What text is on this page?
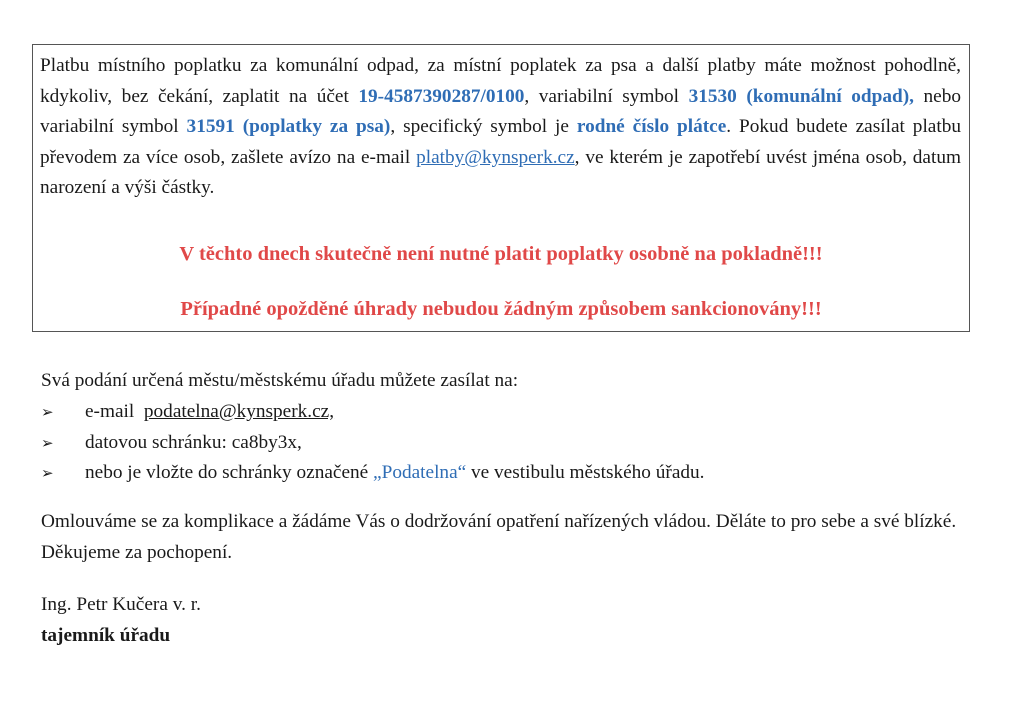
Platbu místního poplatku za komunální odpad, za místní poplatek za psa a další platby máte možnost pohodlně, kdykoliv, bez čekání, zaplatit na účet 19-4587390287/0100, variabilní symbol 31530 (komunální odpad), nebo variabilní symbol 31591 (poplatky za psa), specifický symbol je rodné číslo plátce. Pokud budete zasílat platbu převodem za více osob, zašlete avízo na e-mail platby@kynsperk.cz, ve kterém je zapotřebí uvést jména osob, datum narození a výši částky.

V těchto dnech skutečně není nutné platit poplatky osobně na pokladně!!!

Případné opožděné úhrady nebudou žádným způsobem sankcionovány!!!

Svá podání určená městu/městskému úřadu můžete zasílat na:
➢ e-mail  podatelna@kynsperk.cz,
➢ datovou schránku: ca8by3x,
➢ nebo je vložte do schránky označené „Podatelna“ ve vestibulu městského úřadu.
Omlouváme se za komplikace a žádáme Vás o dodržování opatření nařízených vládou. Děláte to pro sebe a své blízké. Děkujeme za pochopení.
Ing. Petr Kučera v. r.
tajemník úřadu
